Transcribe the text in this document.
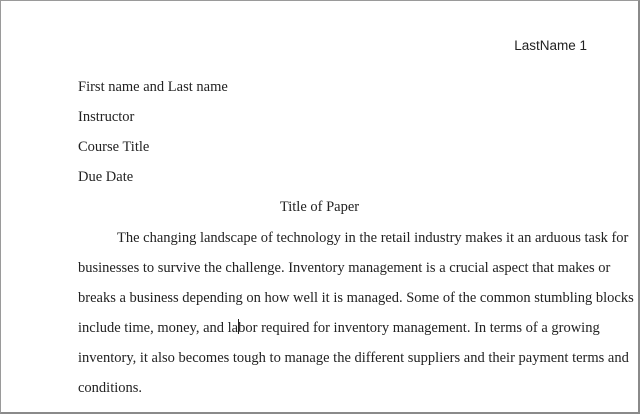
LastName 1
First name and Last name
Instructor
Course Title
Due Date
Title of Paper
The changing landscape of technology in the retail industry makes it an arduous task for
businesses to survive the challenge. Inventory management is a crucial aspect that makes or
breaks a business depending on how well it is managed. Some of the common stumbling blocks
include time, money, and labor required for inventory management. In terms of a growing
inventory, it also becomes tough to manage the different suppliers and their payment terms and
conditions.
